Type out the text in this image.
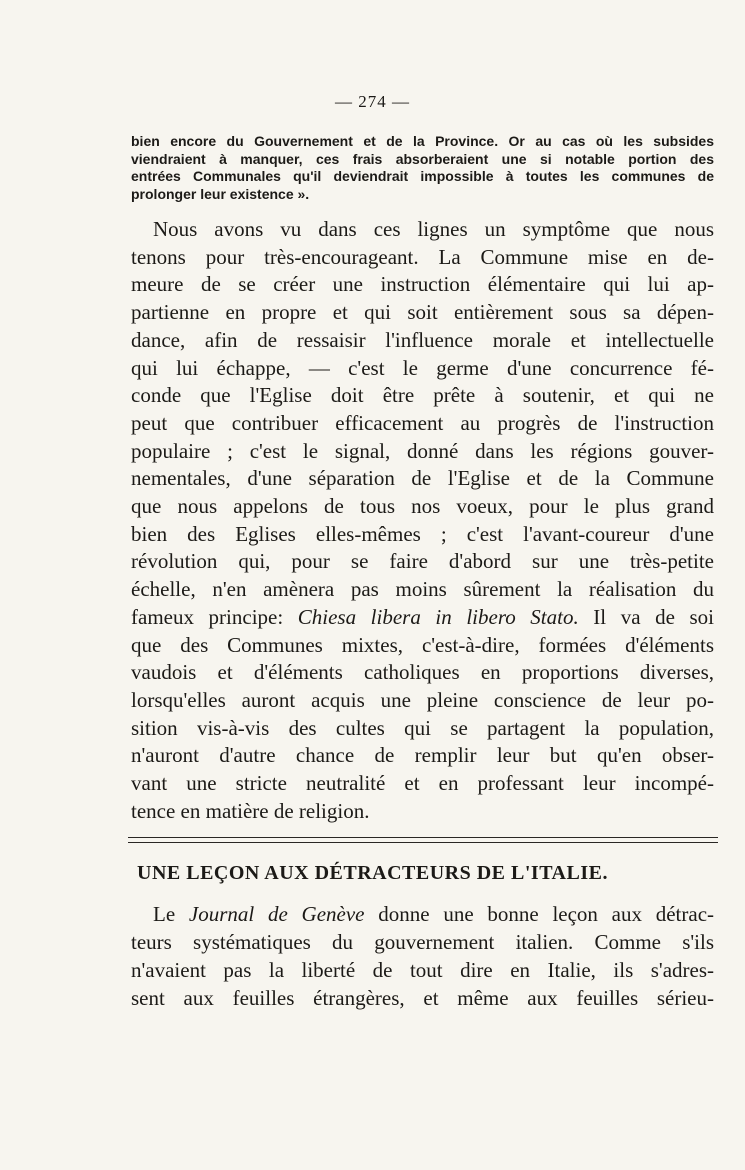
— 274 —
bien encore du Gouvernement et de la Province. Or au cas où les subsides
viendraient à manquer, ces frais absorberaient une si notable portion des
entrées Communales qu'il deviendrait impossible à toutes les communes de
prolonger leur existence ».
Nous avons vu dans ces lignes un symptôme que nous
tenons pour très-encourageant. La Commune mise en de-
meure de se créer une instruction élémentaire qui lui ap-
partienne en propre et qui soit entièrement sous sa dépen-
dance, afin de ressaisir l'influence morale et intellectuelle
qui lui échappe, — c'est le germe d'une concurrence fé-
conde que l'Eglise doit être prête à soutenir, et qui ne
peut que contribuer efficacement au progrès de l'instruction
populaire ; c'est le signal, donné dans les régions gouver-
nementales, d'une séparation de l'Eglise et de la Commune
que nous appelons de tous nos voeux, pour le plus grand
bien des Eglises elles-mêmes ; c'est l'avant-coureur d'une
révolution qui, pour se faire d'abord sur une très-petite
échelle, n'en amènera pas moins sûrement la réalisation du
fameux principe: Chiesa libera in libero Stato. Il va de soi
que des Communes mixtes, c'est-à-dire, formées d'éléments
vaudois et d'éléments catholiques en proportions diverses,
lorsqu'elles auront acquis une pleine conscience de leur po-
sition vis-à-vis des cultes qui se partagent la population,
n'auront d'autre chance de remplir leur but qu'en obser-
vant une stricte neutralité et en professant leur incompé-
tence en matière de religion.
UNE LEÇON AUX DÉTRACTEURS DE L'ITALIE.
Le Journal de Genève donne une bonne leçon aux détrac-
teurs systématiques du gouvernement italien. Comme s'ils
n'avaient pas la liberté de tout dire en Italie, ils s'adres-
sent aux feuilles étrangères, et même aux feuilles sérieu-
